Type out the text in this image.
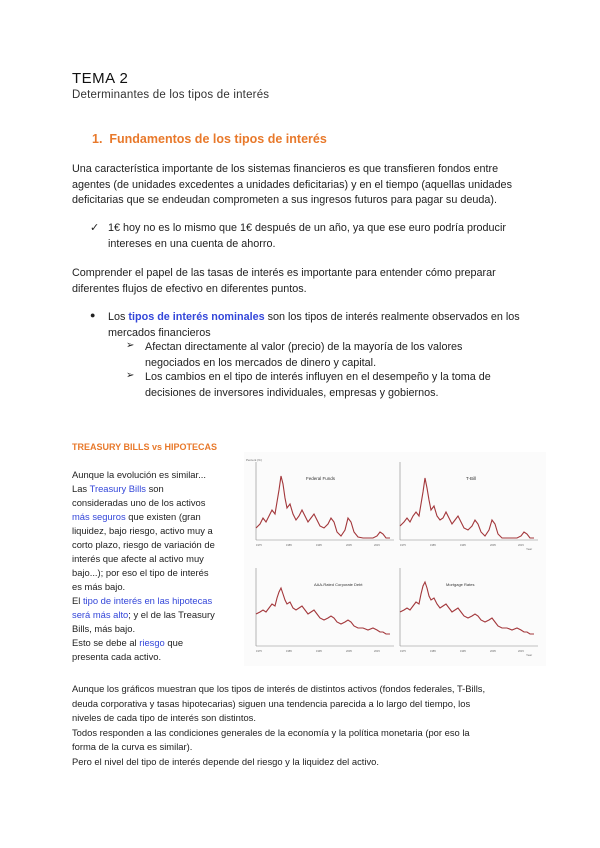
TEMA 2
Determinantes de los tipos de interés
1. Fundamentos de los tipos de interés
Una característica importante de los sistemas financieros es que transfieren fondos entre
agentes (de unidades excedentes a unidades deficitarias) y en el tiempo (aquellas unidades
deficitarias que se endeudan comprometen a sus ingresos futuros para pagar su deuda).
✓ 1€ hoy no es lo mismo que 1€ después de un año, ya que ese euro podría producir
intereses en una cuenta de ahorro.
Comprender el papel de las tasas de interés es importante para entender cómo preparar
diferentes flujos de efectivo en diferentes puntos.
● Los tipos de interés nominales son los tipos de interés realmente observados en los
mercados financieros
➢ Afectan directamente al valor (precio) de la mayoría de los valores
negociados en los mercados de dinero y capital.
➢ Los cambios en el tipo de interés influyen en el desempeño y la toma de
decisiones de inversores individuales, empresas y gobiernos.
TREASURY BILLS vs HIPOTECAS
Aunque la evolución es similar...
Las Treasury Bills son
consideradas uno de los activos
más seguros que existen (gran
liquidez, bajo riesgo, activo muy a
corto plazo, riesgo de variación de
interés que afecte al activo muy
bajo...); por eso el tipo de interés
es más bajo.
El tipo de interés en las hipotecas
será más alto; y el de las Treasury
Bills, más bajo.
Esto se debe al riesgo que
presenta cada activo.
Federal Funds
Percent (%)
1975	1985	1995	2005	2015
T-Bill
1975	1985	1995	2005	2015
Year
AAA-Rated Corporate Debt
1975	1985	1995	2005	2015
Mortgage Rates
1975	1985	1995	2005	2015
Year
Aunque los gráficos muestran que los tipos de interés de distintos activos (fondos federales, T-Bills,
deuda corporativa y tasas hipotecarias) siguen una tendencia parecida a lo largo del tiempo, los
niveles de cada tipo de interés son distintos.
Todos responden a las condiciones generales de la economía y la política monetaria (por eso la
forma de la curva es similar).
Pero el nivel del tipo de interés depende del riesgo y la liquidez del activo.
